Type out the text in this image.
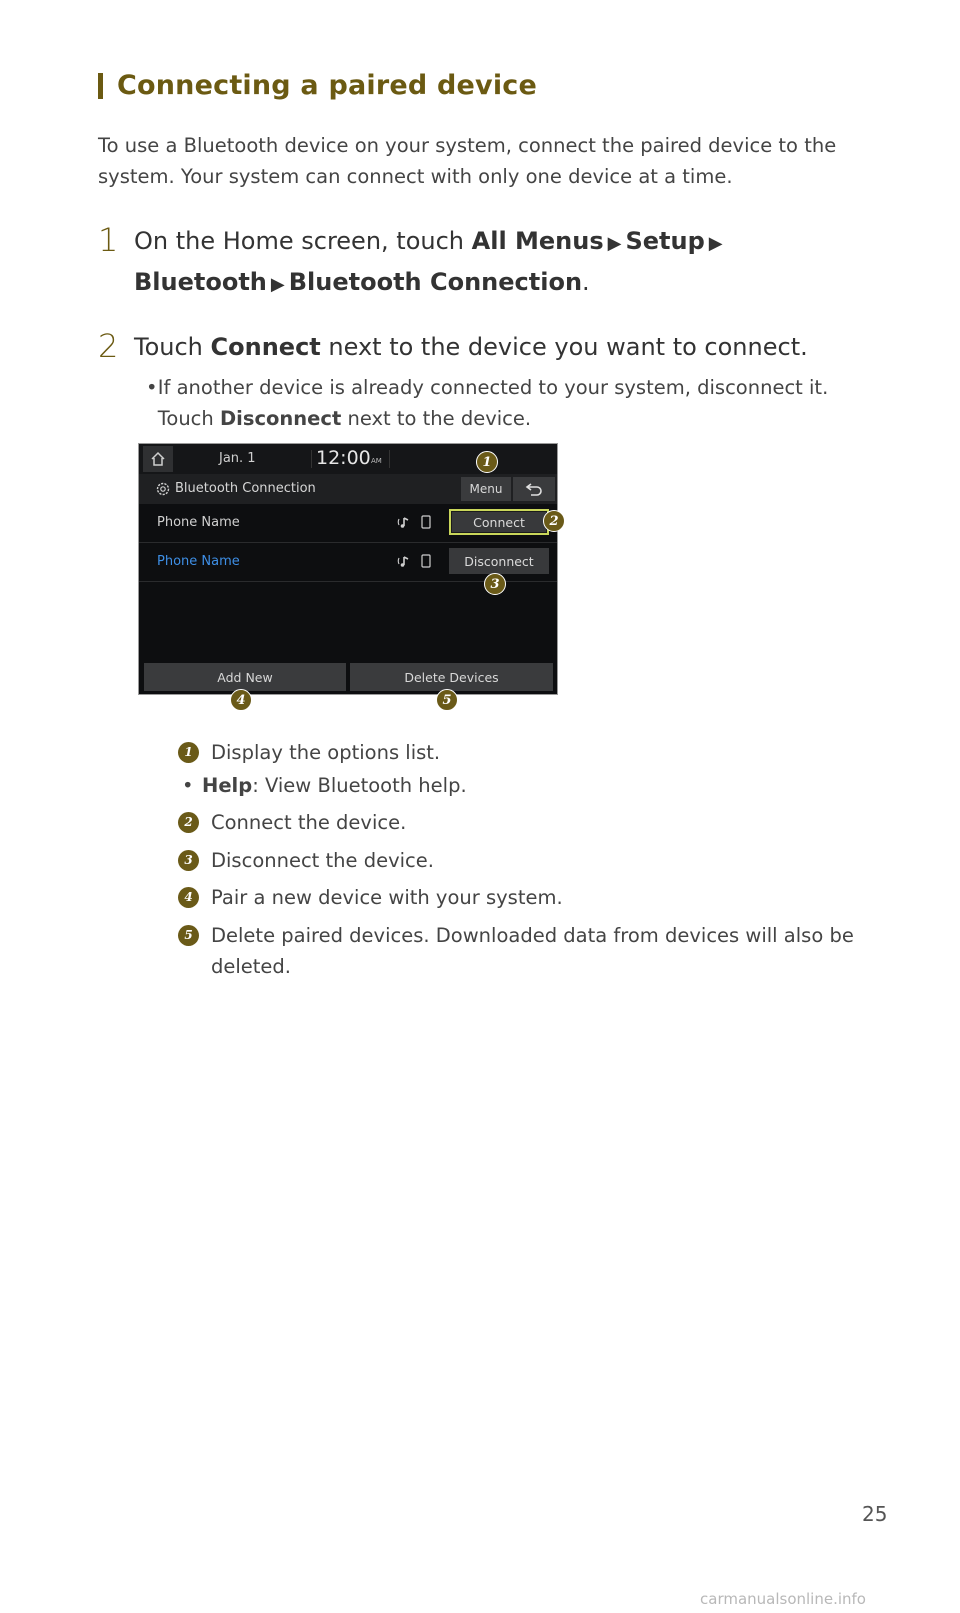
Connecting a paired device

To use a Bluetooth device on your system, connect the paired device to the system. Your system can connect with only one device at a time.

1 On the Home screen, touch All Menus ▶ Setup ▶
Bluetooth ▶ Bluetooth Connection.
2 Touch Connect next to the device you want to connect.
• If another device is already connected to your system, disconnect it. Touch Disconnect next to the device.
Jan. 1	12:00 AM
Bluetooth Connection	Menu
Phone Name	Connect
Phone Name	Disconnect
Add New	Delete Devices
1
2
3
4	5
1 Display the options list.
• Help: View Bluetooth help.
2 Connect the device.
3 Disconnect the device.
4 Pair a new device with your system.
5 Delete paired devices. Downloaded data from devices will also be deleted.
25
carmanualsonline.info
